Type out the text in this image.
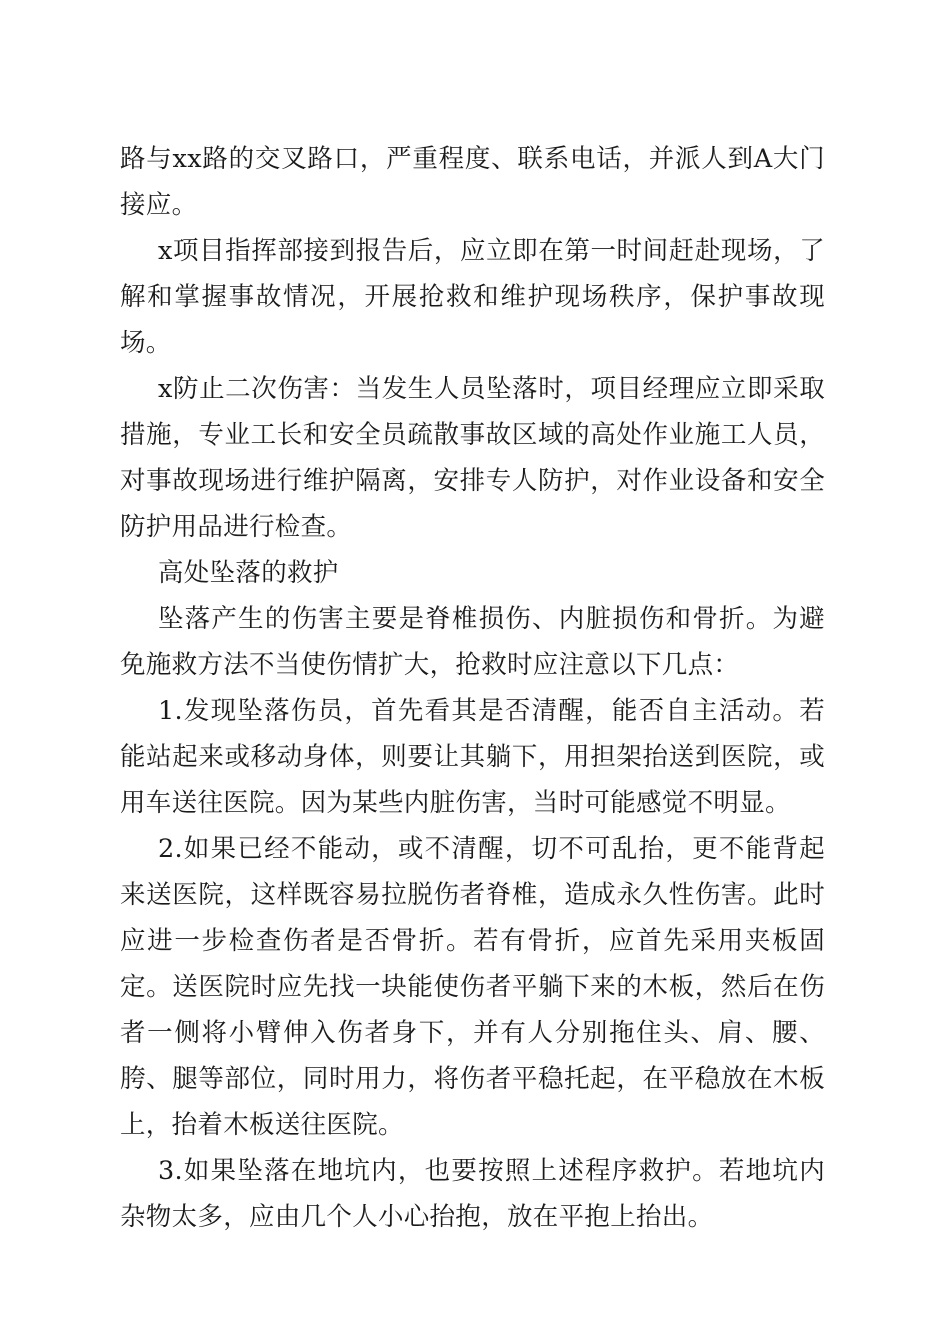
路与xx路的交叉路口，严重程度、联系电话，并派人到A大门接应。

x项目指挥部接到报告后，应立即在第一时间赶赴现场，了解和掌握事故情况，开展抢救和维护现场秩序，保护事故现场。

x防止二次伤害：当发生人员坠落时，项目经理应立即采取措施，专业工长和安全员疏散事故区域的高处作业施工人员，对事故现场进行维护隔离，安排专人防护，对作业设备和安全防护用品进行检查。

高处坠落的救护

坠落产生的伤害主要是脊椎损伤、内脏损伤和骨折。为避免施救方法不当使伤情扩大，抢救时应注意以下几点：

1.发现坠落伤员，首先看其是否清醒，能否自主活动。若能站起来或移动身体，则要让其躺下，用担架抬送到医院，或用车送往医院。因为某些内脏伤害，当时可能感觉不明显。

2.如果已经不能动，或不清醒，切不可乱抬，更不能背起来送医院，这样既容易拉脱伤者脊椎，造成永久性伤害。此时应进一步检查伤者是否骨折。若有骨折，应首先采用夹板固定。送医院时应先找一块能使伤者平躺下来的木板，然后在伤者一侧将小臂伸入伤者身下，并有人分别拖住头、肩、腰、胯、腿等部位，同时用力，将伤者平稳托起，在平稳放在木板上，抬着木板送往医院。

3.如果坠落在地坑内，也要按照上述程序救护。若地坑内杂物太多，应由几个人小心抬抱，放在平抱上抬出。
